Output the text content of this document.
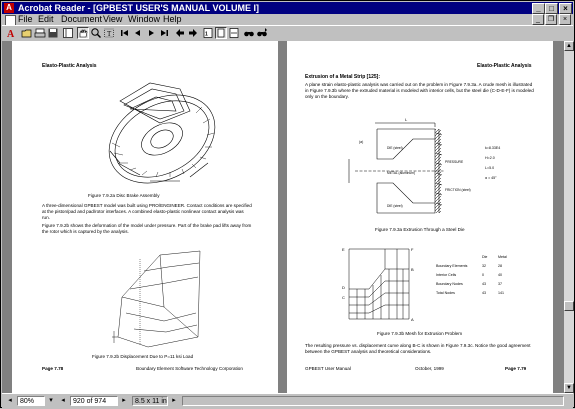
A Acrobat Reader - [GPBEST USER'S MANUAL VOLUME I]	_	□	×
File Edit Document View Window Help	_	❐	×
A	T	1
Elasto-Plastic Analysis
Figure 7.9.2a Disc Brake Assembly
A three-dimensional GPBEST model was built using PRO/ENGINEER. Contact conditions are specified at the piston/pad and pad/rotor interfaces. A combined elasto-plastic nonlinear contact analysis was run.
Figure 7.9.2b shows the deformation of the model under pressure. Part of the brake pad lifts away from the rotor which is captured by the analysis.
Figure 7.9.2b Displacement Due to P=11 ksi Load
Page 7.78	Boundary Element Software Technology Corporation
Elasto-Plastic Analysis
Extrusion of a Metal Strip [125]:
A plane strain elasto-plastic analysis was carried out on the problem in Figure 7.9.3a. A crude mesh is illustrated in Figure 7.9.3b where the extruded material is modeled with interior cells, but the steel die (C-D-E-F) is modeled only on the boundary.
L
PRESSURE
(a)
DIE (steel)
METAL (aluminum)
FRICTION (steel)
DIE (steel)
k=8.33E4
H=2.0
L=5.0
α = 45°
Figure 7.9.3a Extrusion Through a Steel Die
E	F
D
C
B
A
	Die	Metal
Boundary Elements	32	28
Interior Cells	0	40
Boundary Nodes	43	37
Total Nodes	43	141
Figure 7.9.3b Mesh for Extrusion Problem
The resulting pressure vs. displacement curve along B-C is shown in Figure 7.9.3c. Notice the good agreement between the GPBEST analysis and theoretical considerations.
GPBEST User Manual	October, 1999	Page 7.79
▲
▼
◂	80%	▾	◂	920 of 974	▸	8.5 x 11 in ▸
